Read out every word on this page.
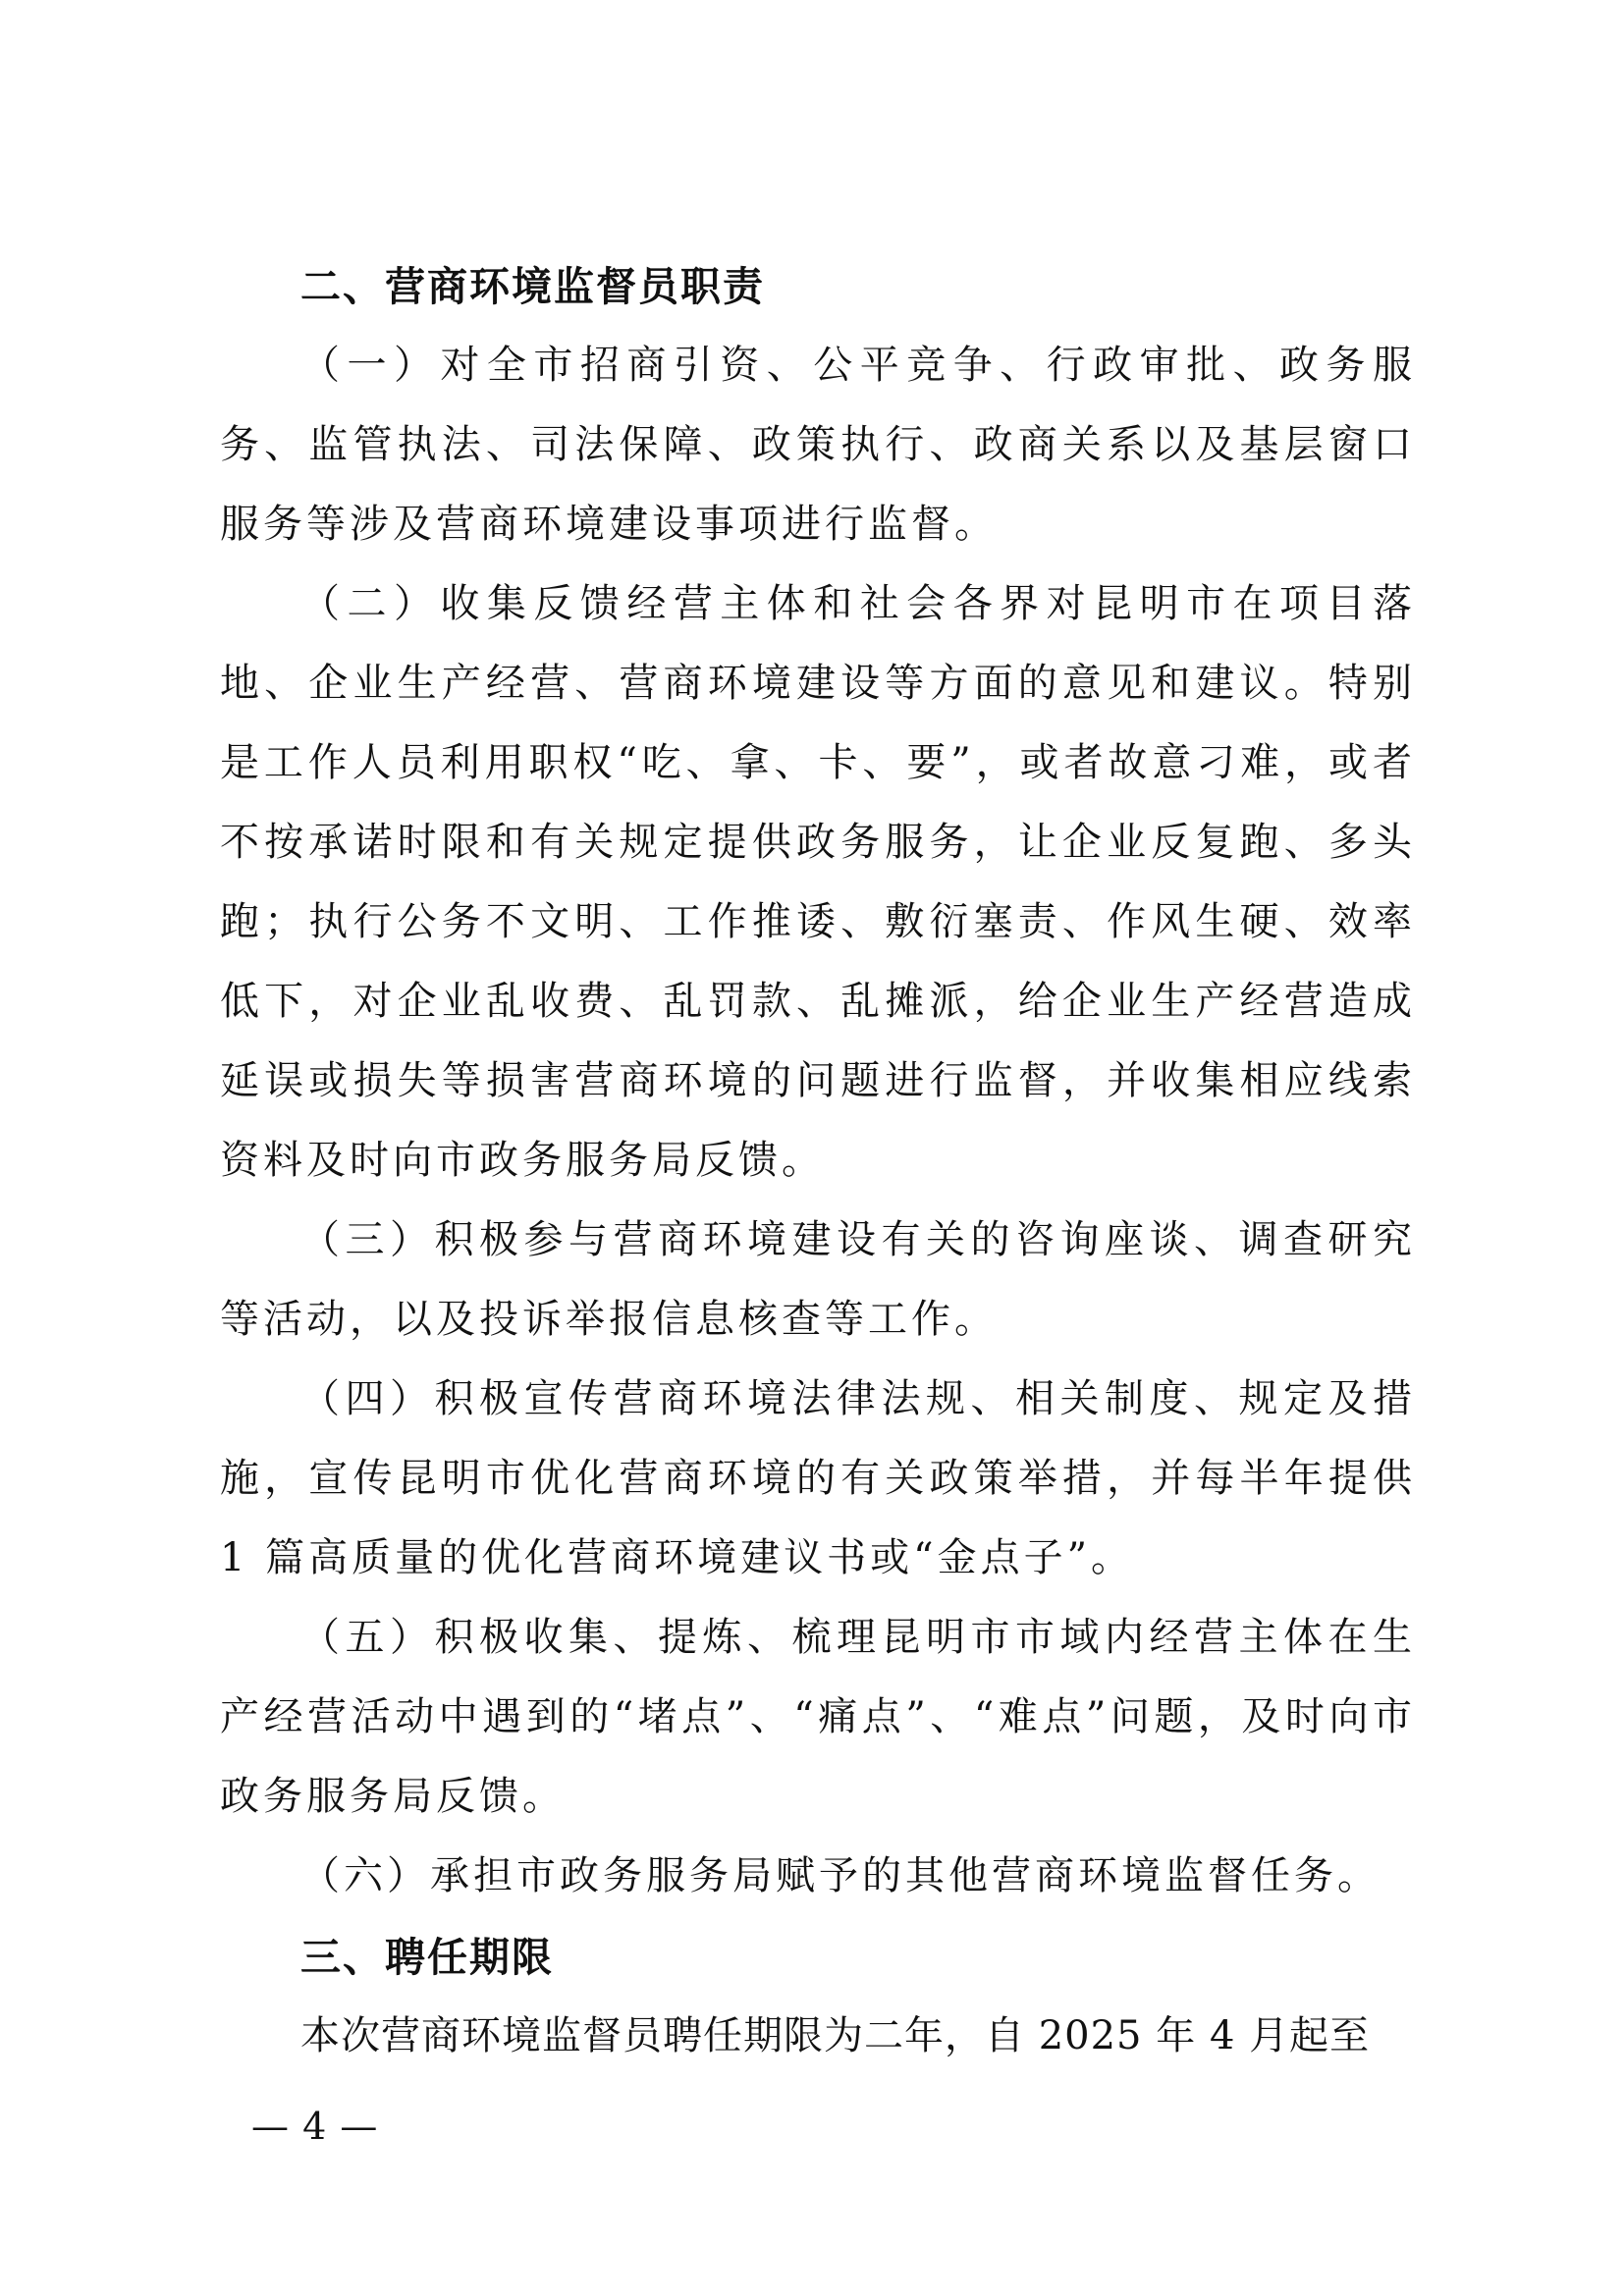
二、营商环境监督员职责

（一）对全市招商引资、公平竞争、行政审批、政务服务、监管执法、司法保障、政策执行、政商关系以及基层窗口服务等涉及营商环境建设事项进行监督。

（二）收集反馈经营主体和社会各界对昆明市在项目落地、企业生产经营、营商环境建设等方面的意见和建议。特别是工作人员利用职权“吃、拿、卡、要”，或者故意刁难，或者不按承诺时限和有关规定提供政务服务，让企业反复跑、多头跑；执行公务不文明、工作推诿、敷衍塞责、作风生硬、效率低下，对企业乱收费、乱罚款、乱摊派，给企业生产经营造成延误或损失等损害营商环境的问题进行监督，并收集相应线索资料及时向市政务服务局反馈。

（三）积极参与营商环境建设有关的咨询座谈、调查研究等活动，以及投诉举报信息核查等工作。

（四）积极宣传营商环境法律法规、相关制度、规定及措施，宣传昆明市优化营商环境的有关政策举措，并每半年提供 1 篇高质量的优化营商环境建议书或“金点子”。

（五）积极收集、提炼、梳理昆明市市域内经营主体在生产经营活动中遇到的“堵点”、“痛点”、“难点”问题，及时向市政务服务局反馈。

（六）承担市政务服务局赋予的其他营商环境监督任务。

三、聘任期限

本次营商环境监督员聘任期限为二年，自 2025 年 4 月起至

— 4 —
